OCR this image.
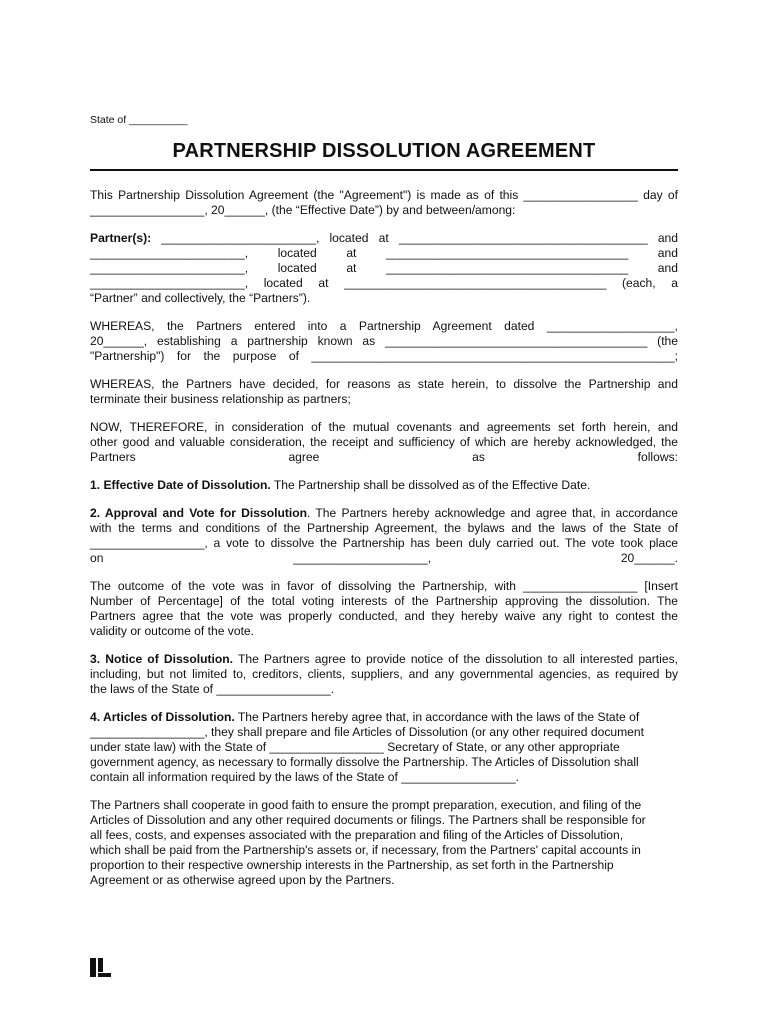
State of __________
PARTNERSHIP DISSOLUTION AGREEMENT
This Partnership Dissolution Agreement (the "Agreement") is made as of this _________________ day of
_________________, 20______, (the “Effective Date”) by and between/among:
Partner(s): _______________________, located at _____________________________________ and
_______________________, located at ____________________________________ and
_______________________, located at ____________________________________ and
_______________________, located at _______________________________________ (each, a
“Partner” and collectively, the “Partners”).
WHEREAS, the Partners entered into a Partnership Agreement dated ___________________,
20______, establishing a partnership known as _______________________________________ (the
"Partnership") for the purpose of ______________________________________________________;
WHEREAS, the Partners have decided, for reasons as state herein, to dissolve the Partnership and
terminate their business relationship as partners;
NOW, THEREFORE, in consideration of the mutual covenants and agreements set forth herein, and
other good and valuable consideration, the receipt and sufficiency of which are hereby acknowledged, the
Partners agree as follows:
1. Effective Date of Dissolution. The Partnership shall be dissolved as of the Effective Date.
2. Approval and Vote for Dissolution. The Partners hereby acknowledge and agree that, in accordance
with the terms and conditions of the Partnership Agreement, the bylaws and the laws of the State of
_________________, a vote to dissolve the Partnership has been duly carried out. The vote took place
on ____________________, 20______.
The outcome of the vote was in favor of dissolving the Partnership, with _________________ [Insert
Number of Percentage] of the total voting interests of the Partnership approving the dissolution. The
Partners agree that the vote was properly conducted, and they hereby waive any right to contest the
validity or outcome of the vote.
3. Notice of Dissolution. The Partners agree to provide notice of the dissolution to all interested parties,
including, but not limited to, creditors, clients, suppliers, and any governmental agencies, as required by
the laws of the State of _________________.
4. Articles of Dissolution. The Partners hereby agree that, in accordance with the laws of the State of
_________________, they shall prepare and file Articles of Dissolution (or any other required document
under state law) with the State of _________________ Secretary of State, or any other appropriate
government agency, as necessary to formally dissolve the Partnership. The Articles of Dissolution shall
contain all information required by the laws of the State of _________________.
The Partners shall cooperate in good faith to ensure the prompt preparation, execution, and filing of the
Articles of Dissolution and any other required documents or filings. The Partners shall be responsible for
all fees, costs, and expenses associated with the preparation and filing of the Articles of Dissolution,
which shall be paid from the Partnership's assets or, if necessary, from the Partners' capital accounts in
proportion to their respective ownership interests in the Partnership, as set forth in the Partnership
Agreement or as otherwise agreed upon by the Partners.
